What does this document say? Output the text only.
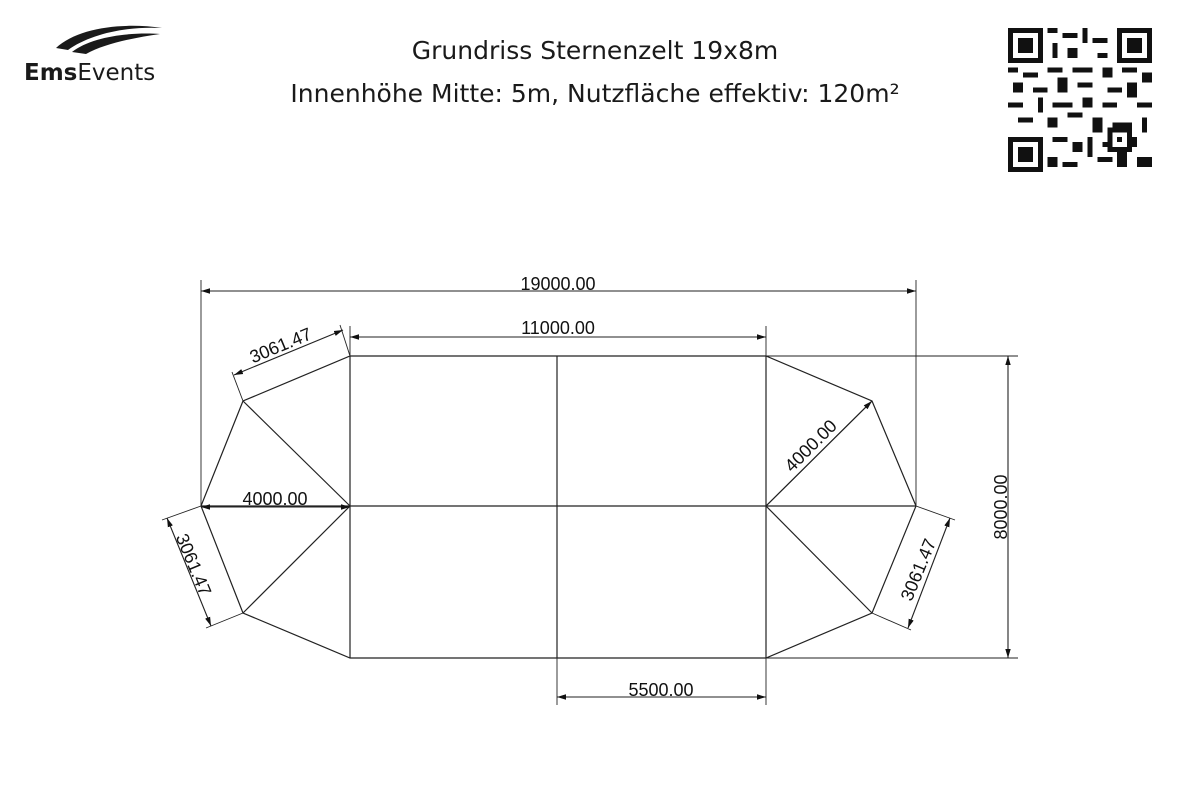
EmsEvents
Grundriss Sternenzelt 19x8m
Innenhöhe Mitte: 5m, Nutzfläche effektiv: 120m²
19000.00
11000.00
5500.00
8000.00
4000.00
4000.00
3061.47
3061.47	3061.47
